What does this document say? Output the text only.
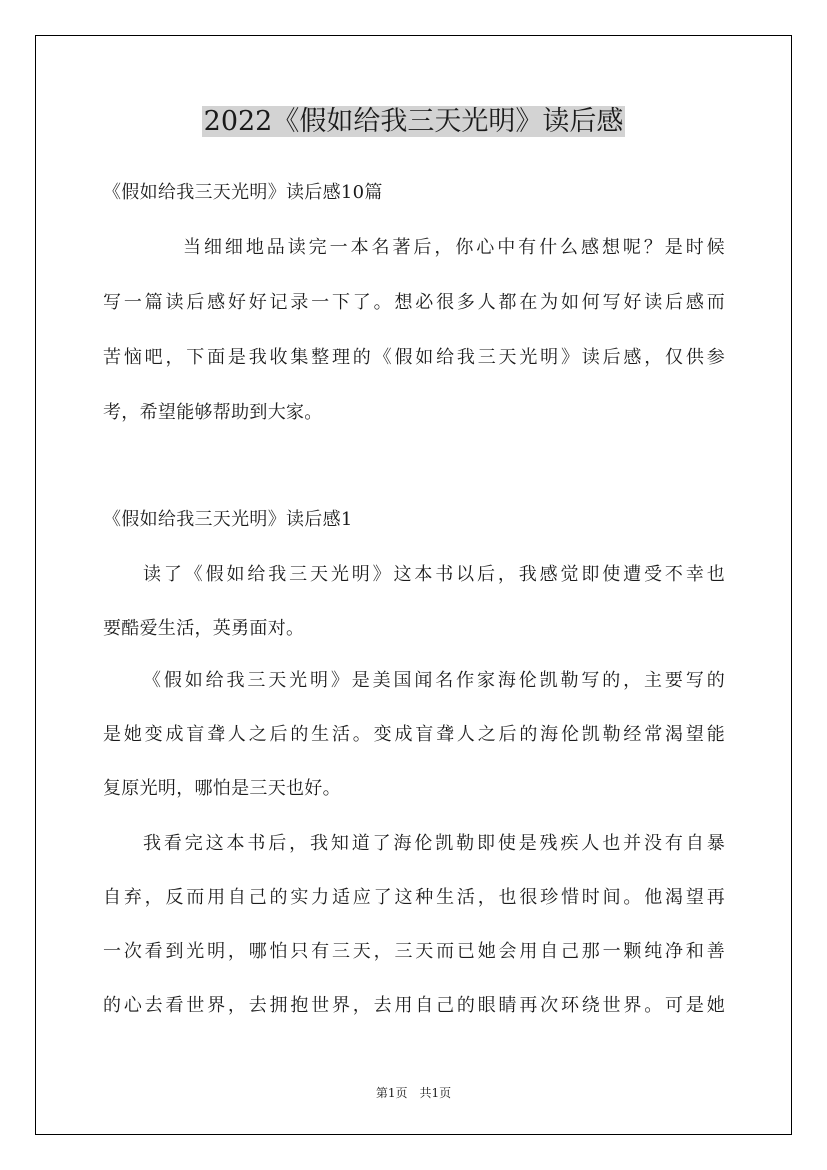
2022《假如给我三天光明》读后感

《假如给我三天光明》读后感10篇

当细细地品读完一本名著后，你心中有什么感想呢？是时候

写一篇读后感好好记录一下了。想必很多人都在为如何写好读后感而

苦恼吧，下面是我收集整理的《假如给我三天光明》读后感，仅供参

考，希望能够帮助到大家。

《假如给我三天光明》读后感1

读了《假如给我三天光明》这本书以后，我感觉即使遭受不幸也

要酷爱生活，英勇面对。

《假如给我三天光明》是美国闻名作家海伦凯勒写的，主要写的

是她变成盲聋人之后的生活。变成盲聋人之后的海伦凯勒经常渴望能

复原光明，哪怕是三天也好。

我看完这本书后，我知道了海伦凯勒即使是残疾人也并没有自暴

自弃，反而用自己的实力适应了这种生活，也很珍惜时间。他渴望再

一次看到光明，哪怕只有三天，三天而已她会用自己那一颗纯净和善

的心去看世界，去拥抱世界，去用自己的眼睛再次环绕世界。可是她

第1页　共1页
